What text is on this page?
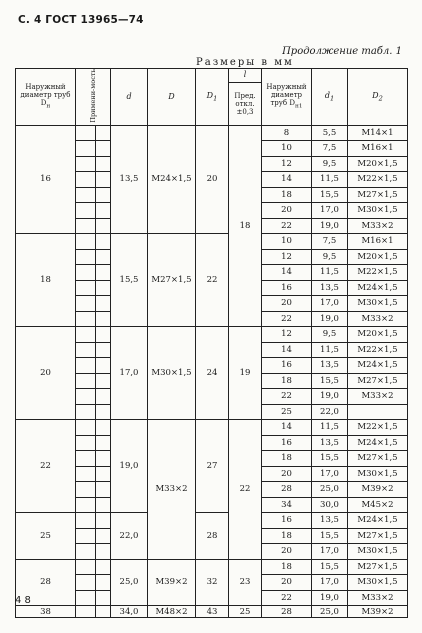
С. 4 ГОСТ 13965—74
Продолжение табл. 1
Размеры в мм
Наружный диаметр труб $D_н$	Примени-мость		d	D	$D_1$	l	Наружный диаметр труб $D_{н1}$	$d_1$	$D_2$
						Пред. откл. ±0,3			
16			13,5	M24×1,5	20	18	8	5,5	M14×1
							10	7,5	M16×1
							12	9,5	M20×1,5
							14	11,5	M22×1,5
							18	15,5	M27×1,5
							20	17,0	M30×1,5
							22	19,0	M33×2
18			15,5	M27×1,5	22		10	7,5	M16×1
							12	9,5	M20×1,5
							14	11,5	M22×1,5
							16	13,5	M24×1,5
							20	17,0	M30×1,5
							22	19,0	M33×2
20			17,0	M30×1,5	24	19	12	9,5	M20×1,5
							14	11,5	M22×1,5
							16	13,5	M24×1,5
							18	15,5	M27×1,5
							22	19,0	M33×2
							25	22,0	
22			19,0	M33×2	27	22	14	11,5	M22×1,5
							16	13,5	M24×1,5
							18	15,5	M27×1,5
							20	17,0	M30×1,5
							28	25,0	M39×2
							34	30,0	M45×2
25			22,0		28		16	13,5	M24×1,5
							18	15,5	M27×1,5
							20	17,0	M30×1,5
28			25,0	M39×2	32	23	18	15,5	M27×1,5
							20	17,0	M30×1,5
							22	19,0	M33×2
38			34,0	M48×2	43	25	28	25,0	M39×2
4 8
